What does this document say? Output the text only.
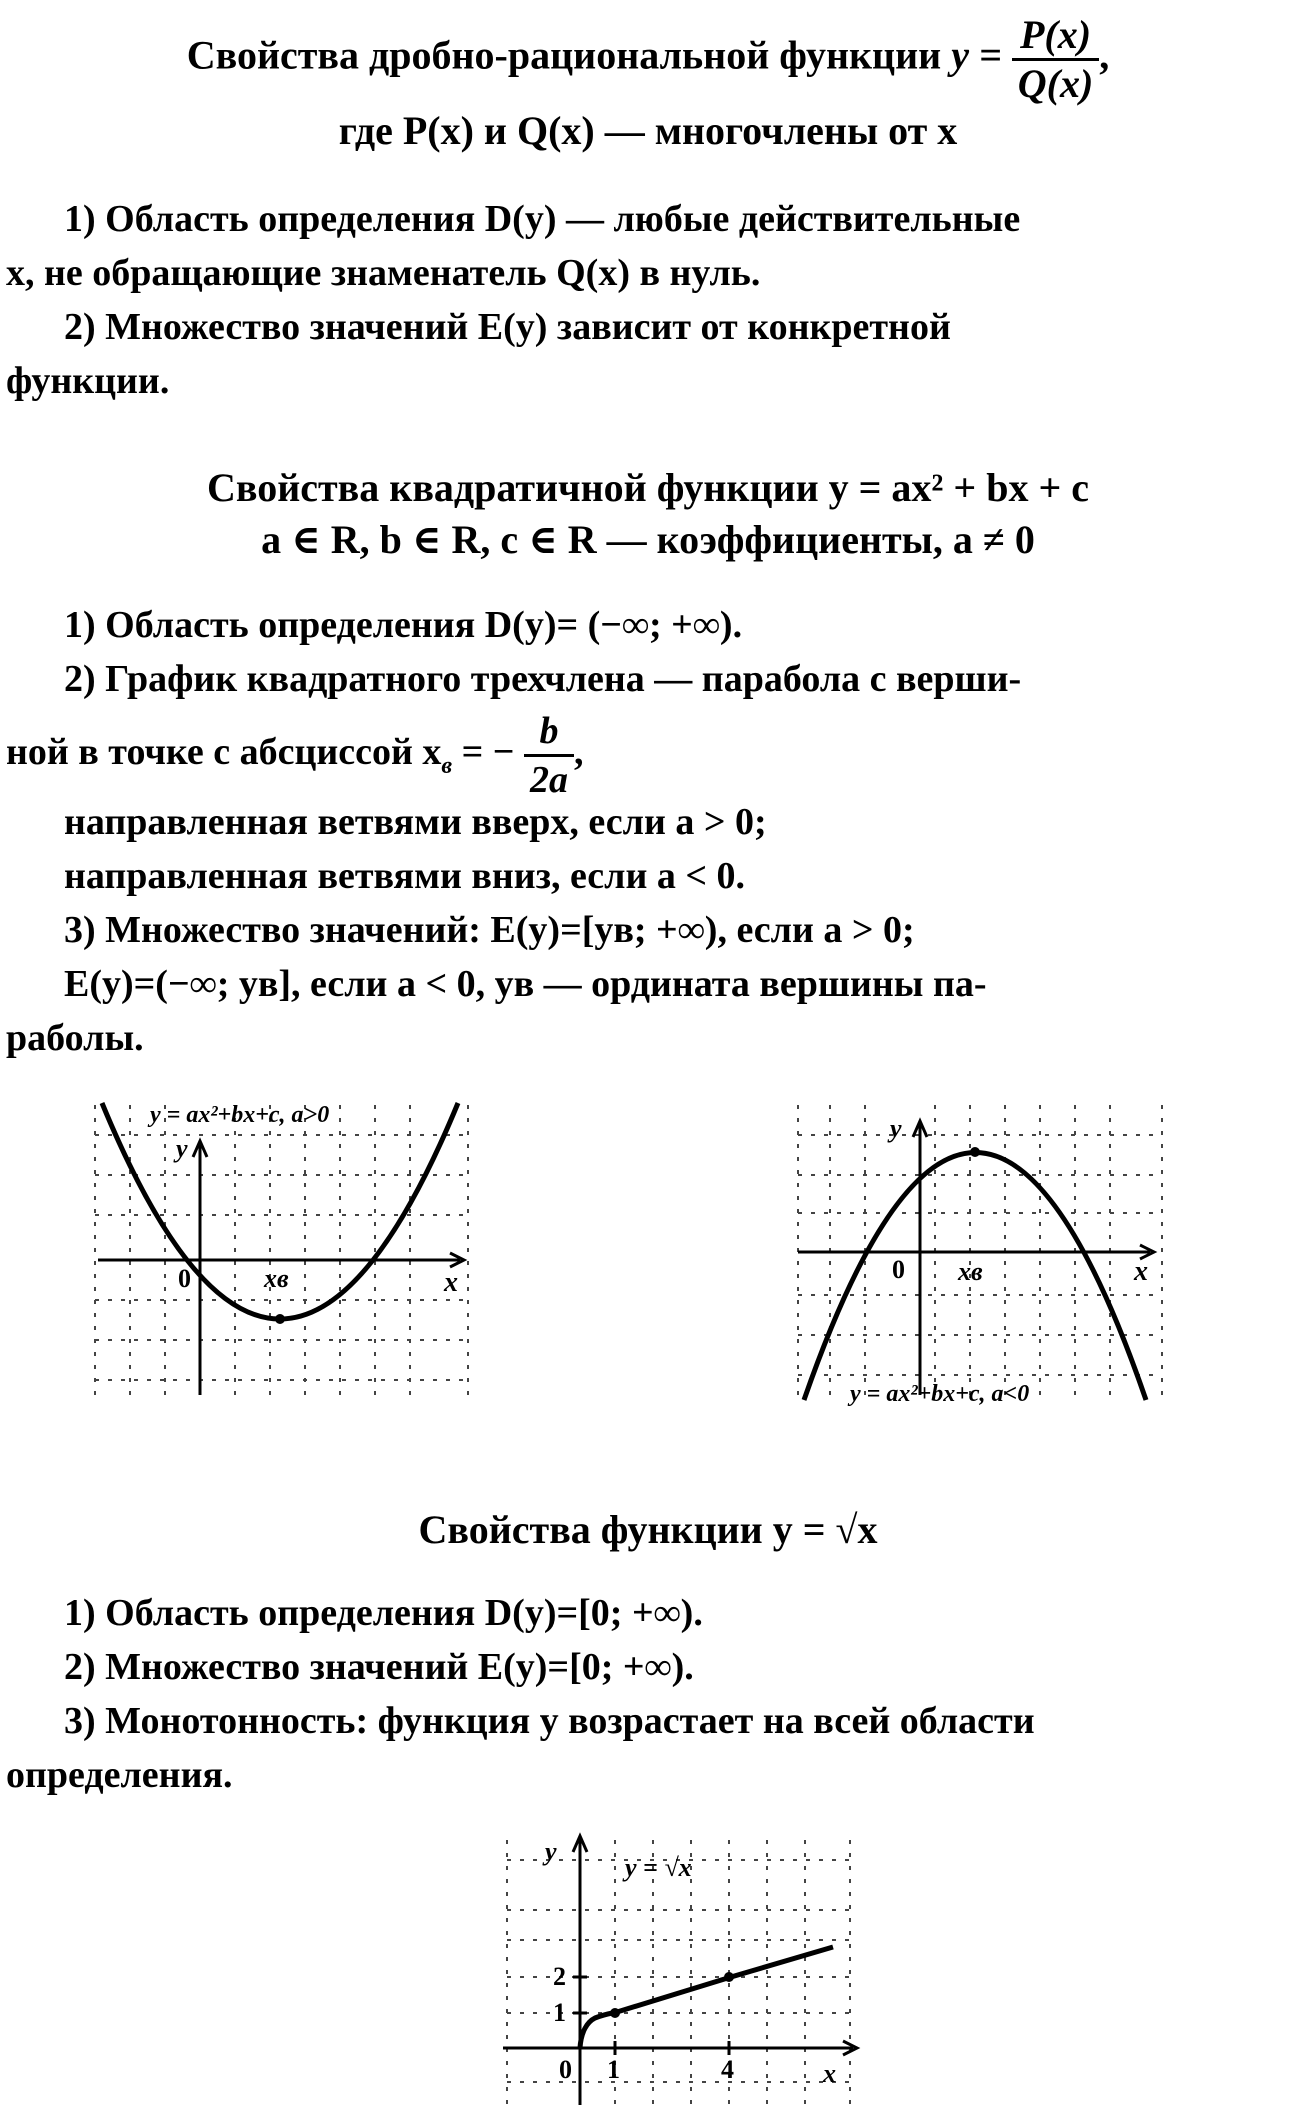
Свойства дробно-рациональной функции $y = \frac{P(x)}{Q(x)}$ ,
где P(x) и Q(x) — многочлены от x
1) Область определения D(y) — любые действительные
x, не обращающие знаменатель Q(x) в нуль.
2) Множество значений E(y) зависит от конкретной
функции.
Свойства квадратичной функции y = ax² + bx + c
a ∈ R, b ∈ R, c ∈ R — коэффициенты, a ≠ 0
1) Область определения D(y)= (−∞; +∞).
2) График квадратного трехчлена — парабола с верши-
ной в точке с абсциссой $x_в$ = − $\frac{b}{2a}$ ,
направленная ветвями вверх, если a > 0;
направленная ветвями вниз, если a < 0.
3) Множество значений: E(y)=[yв; +∞), если a > 0;
E(y)=(−∞; yв], если a < 0, yв — ордината вершины па-
раболы.
y = ax²+bx+c, a>0
y
x
0	xв
y
x
0 xв
y = ax²+bx+c, a<0
Свойства функции y = √x
1) Область определения D(y)=[0; +∞).
2) Множество значений E(y)=[0; +∞).
3) Монотонность: функция y возрастает на всей области
определения.
y
x
0 1	4
1
2
y = √x
